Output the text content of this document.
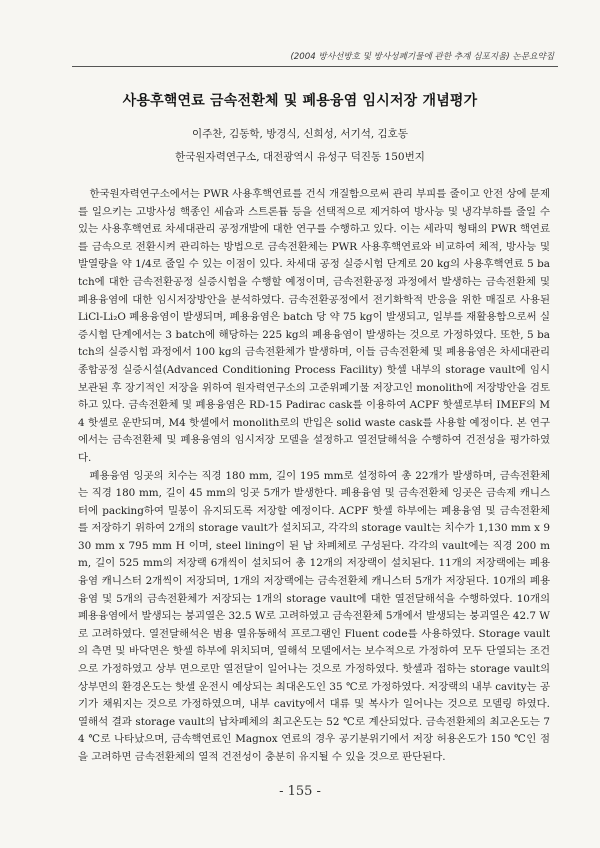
(2004 방사선방호 및 방사성폐기물에 관한 추계 심포지움) 논문요약집
사용후핵연료 금속전환체 및 폐용융염 임시저장 개념평가
이주찬, 김동학, 방경식, 신희성, 서기석, 김호동
한국원자력연구소, 대전광역시 유성구 덕진동 150번지

한국원자력연구소에서는 PWR 사용후핵연료를 건식 개질함으로써 관리 부피를 줄이고 안전 상에 문제를 일으키는 고방사성 핵종인 세슘과 스트론튬 등을 선택적으로 제거하여 방사능 및 냉각부하를 줄일 수 있는 사용후핵연료 차세대관리 공정개발에 대한 연구를 수행하고 있다. 이는 세라믹 형태의 PWR 핵연료를 금속으로 전환시켜 관리하는 방법으로 금속전환체는 PWR 사용후핵연료와 비교하여 체적, 방사능 및 발열량을 약 1/4로 줄일 수 있는 이점이 있다. 차세대 공정 실증시험 단계로 20 kg의 사용후핵연료 5 batch에 대한 금속전환공정 실증시험을 수행할 예정이며, 금속전환공정 과정에서 발생하는 금속전환체 및 폐용융염에 대한 임시저장방안을 분석하였다. 금속전환공정에서 전기화학적 반응을 위한 매질로 사용된 LiCl-Li₂O 폐용융염이 발생되며, 폐용융염은 batch 당 약 75 kg이 발생되고, 일부를 재활용함으로써 실증시험 단계에서는 3 batch에 해당하는 225 kg의 폐용융염이 발생하는 것으로 가정하였다. 또한, 5 batch의 실증시험 과정에서 100 kg의 금속전환체가 발생하며, 이들 금속전환체 및 폐용융염은 차세대관리 종합공정 실증시설(Advanced Conditioning Process Facility) 핫셀 내부의 storage vault에 임시 보관된 후 장기적인 저장을 위하여 원자력연구소의 고준위폐기물 저장고인 monolith에 저장방안을 검토하고 있다. 금속전환체 및 폐용융염은 RD-15 Padirac cask를 이용하여 ACPF 핫셀로부터 IMEF의 M4 핫셀로 운반되며, M4 핫셀에서 monolith로의 반입은 solid waste cask를 사용할 예정이다. 본 연구에서는 금속전환체 및 폐용융염의 임시저장 모델을 설정하고 열전달해석을 수행하여 건전성을 평가하였다.

폐용융염 잉곳의 치수는 직경 180 mm, 길이 195 mm로 설정하여 총 22개가 발생하며, 금속전환체는 직경 180 mm, 길이 45 mm의 잉곳 5개가 발생한다. 폐용융염 및 금속전환체 잉곳은 금속제 캐니스터에 packing하여 밀봉이 유지되도록 저장할 예정이다. ACPF 핫셀 하부에는 폐용융염 및 금속전환체를 저장하기 위하여 2개의 storage vault가 설치되고, 각각의 storage vault는 치수가 1,130 mm x 930 mm x 795 mm H 이며, steel lining이 된 납 차폐체로 구성된다. 각각의 vault에는 직경 200 mm, 길이 525 mm의 저장랙 6개씩이 설치되어 총 12개의 저장랙이 설치된다. 11개의 저장랙에는 폐용융염 캐니스터 2개씩이 저장되며, 1개의 저장랙에는 금속전환체 캐니스터 5개가 저장된다. 10개의 폐용융염 및 5개의 금속전환체가 저장되는 1개의 storage vault에 대한 열전달해석을 수행하였다. 10개의 폐용융염에서 발생되는 붕괴열은 32.5 W로 고려하였고 금속전환체 5개에서 발생되는 붕괴열은 42.7 W로 고려하였다. 열전달해석은 범용 열유동해석 프로그램인 Fluent code를 사용하였다. Storage vault의 측면 및 바닥면은 핫셀 하부에 위치되며, 열해석 모델에서는 보수적으로 가정하여 모두 단열되는 조건으로 가정하였고 상부 면으로만 열전달이 일어나는 것으로 가정하였다. 핫셀과 접하는 storage vault의 상부면의 환경온도는 핫셀 운전시 예상되는 최대온도인 35 ℃로 가정하였다. 저장랙의 내부 cavity는 공기가 채워지는 것으로 가정하였으며, 내부 cavity에서 대류 및 복사가 일어나는 것으로 모델링 하였다. 열해석 결과 storage vault의 납차폐체의 최고온도는 52 ℃로 계산되었다. 금속전환체의 최고온도는 74 ℃로 나타났으며, 금속핵연료인 Magnox 연료의 경우 공기분위기에서 저장 허용온도가 150 ℃인 점을 고려하면 금속전환체의 열적 건전성이 충분히 유지될 수 있을 것으로 판단된다.

- 155 -
